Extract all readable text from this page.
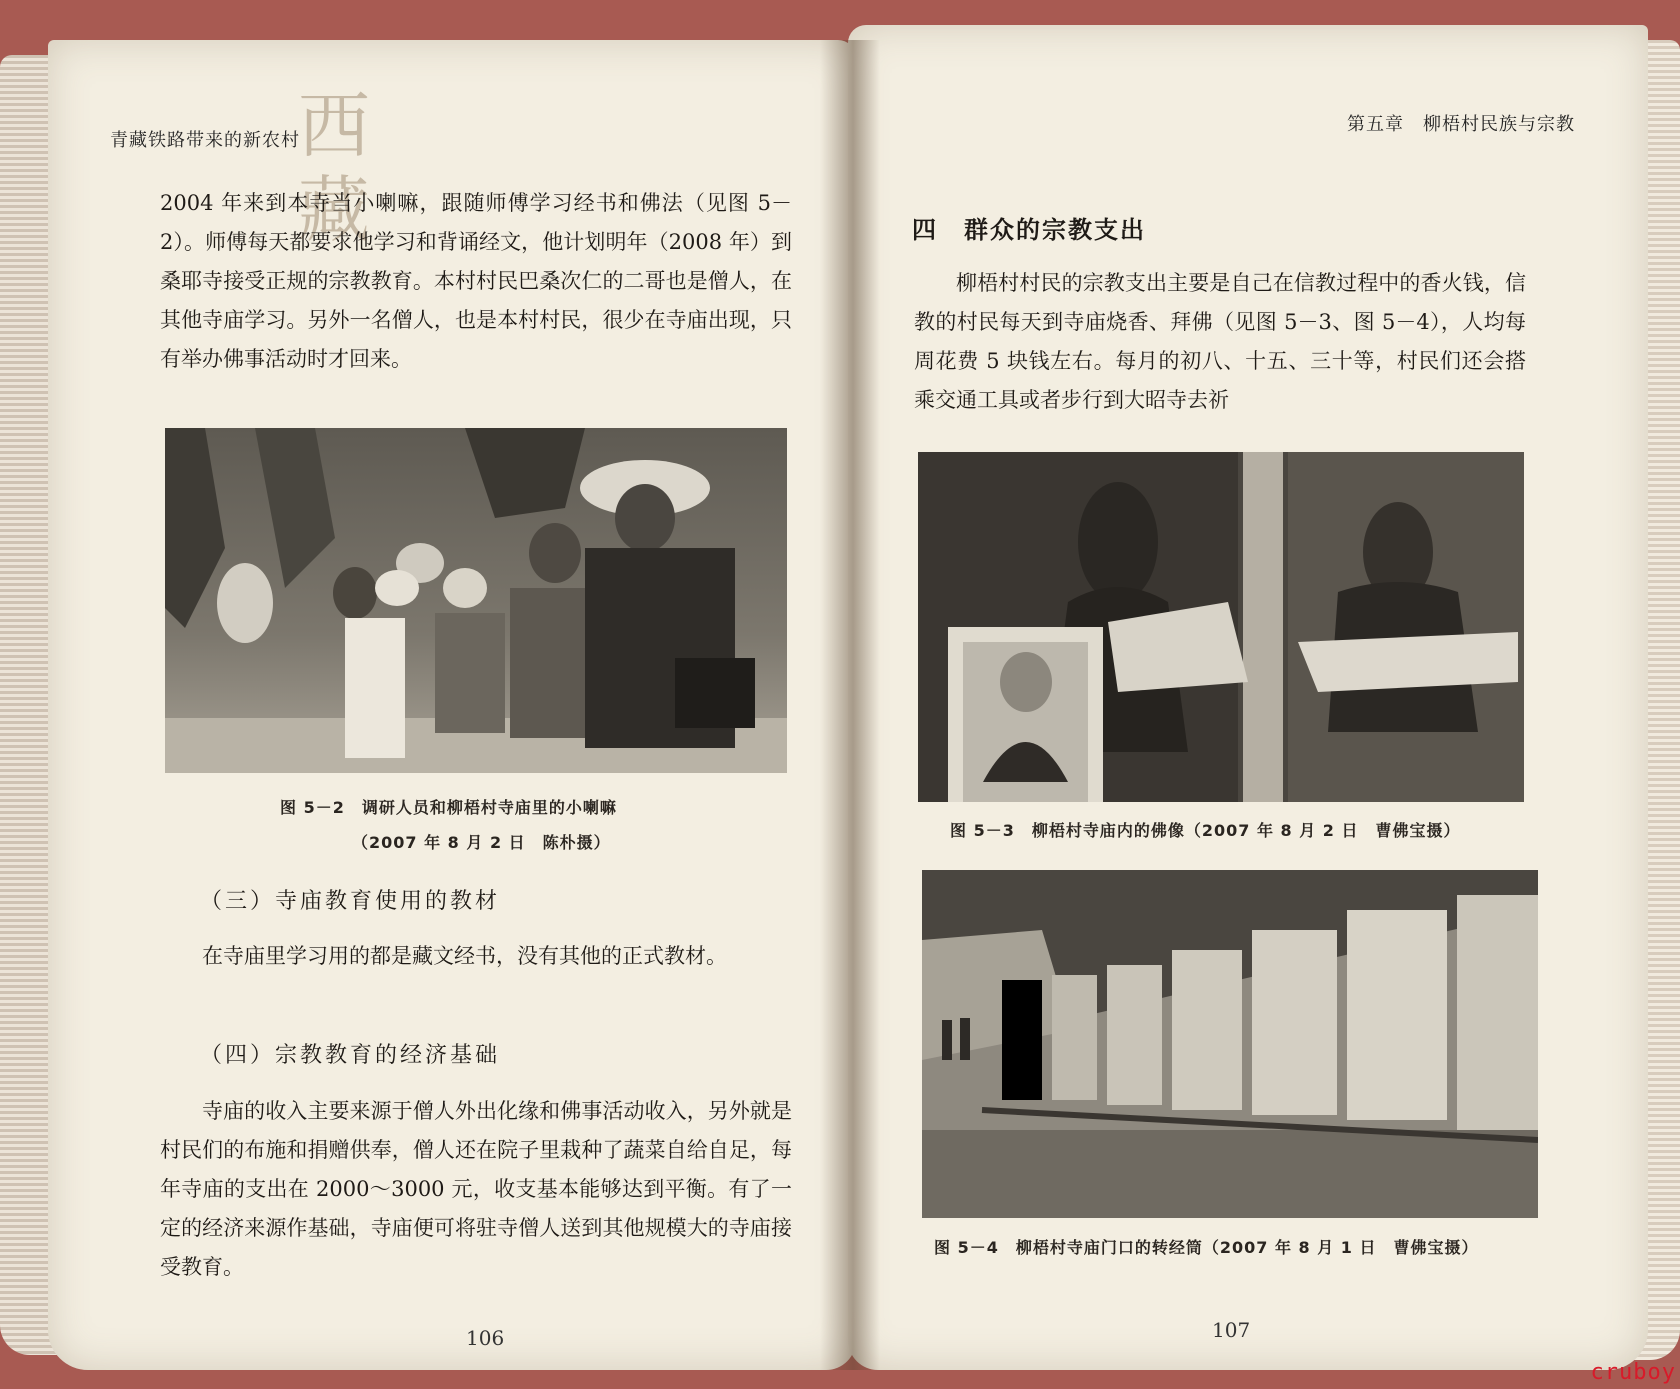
青藏铁路带来的新农村
西藏
2004 年来到本寺当小喇嘛，跟随师傅学习经书和佛法（见图 5－2）。师傅每天都要求他学习和背诵经文，他计划明年（2008 年）到桑耶寺接受正规的宗教教育。本村村民巴桑次仁的二哥也是僧人，在其他寺庙学习。另外一名僧人，也是本村村民，很少在寺庙出现，只有举办佛事活动时才回来。
图 5－2　调研人员和柳梧村寺庙里的小喇嘛
（2007 年 8 月 2 日　陈朴摄）
（三）寺庙教育使用的教材
在寺庙里学习用的都是藏文经书，没有其他的正式教材。
（四）宗教教育的经济基础
寺庙的收入主要来源于僧人外出化缘和佛事活动收入，另外就是村民们的布施和捐赠供奉，僧人还在院子里栽种了蔬菜自给自足，每年寺庙的支出在 2000～3000 元，收支基本能够达到平衡。有了一定的经济来源作基础，寺庙便可将驻寺僧人送到其他规模大的寺庙接受教育。
106
第五章　柳梧村民族与宗教
四　群众的宗教支出
柳梧村村民的宗教支出主要是自己在信教过程中的香火钱，信教的村民每天到寺庙烧香、拜佛（见图 5－3、图 5－4），人均每周花费 5 块钱左右。每月的初八、十五、三十等，村民们还会搭乘交通工具或者步行到大昭寺去祈
图 5－3　柳梧村寺庙内的佛像（2007 年 8 月 2 日　曹佛宝摄）
图 5－4　柳梧村寺庙门口的转经筒（2007 年 8 月 1 日　曹佛宝摄）
107
cruboy
